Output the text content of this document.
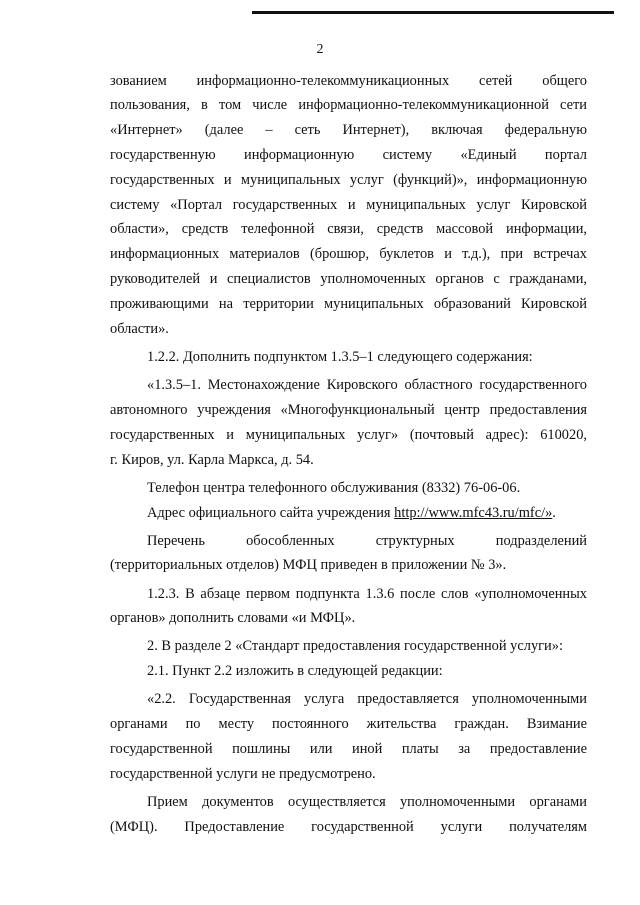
2
зованием информационно-телекоммуникационных сетей общего
пользования, в том числе информационно-телекоммуникационной сети
«Интернет» (далее – сеть Интернет), включая федеральную
государственную информационную систему «Единый портал
государственных и муниципальных услуг (функций)», информационную
систему «Портал государственных и муниципальных услуг Кировской
области», средств телефонной связи, средств массовой информации,
информационных материалов (брошюр, буклетов и т.д.), при встречах
руководителей и специалистов уполномоченных органов с гражданами,
проживающими на территории муниципальных образований Кировской
области».
1.2.2. Дополнить подпунктом 1.3.5–1 следующего содержания:
«1.3.5–1. Местонахождение Кировского областного государственного
автономного учреждения «Многофункциональный центр предоставления
государственных и муниципальных услуг» (почтовый адрес): 610020,
г. Киров, ул. Карла Маркса, д. 54.
Телефон центра телефонного обслуживания (8332) 76-06-06.
Адрес официального сайта учреждения http://www.mfc43.ru/mfc/».
Перечень обособленных структурных подразделений
(территориальных отделов) МФЦ приведен в приложении № 3».
1.2.3. В абзаце первом подпункта 1.3.6 после слов «уполномоченных
органов» дополнить словами «и МФЦ».
2. В разделе 2 «Стандарт предоставления государственной услуги»:
2.1. Пункт 2.2 изложить в следующей редакции:
«2.2. Государственная услуга предоставляется уполномоченными
органами по месту постоянного жительства граждан. Взимание
государственной пошлины или иной платы за предоставление
государственной услуги не предусмотрено.
Прием документов осуществляется уполномоченными органами
(МФЦ). Предоставление государственной услуги получателям
